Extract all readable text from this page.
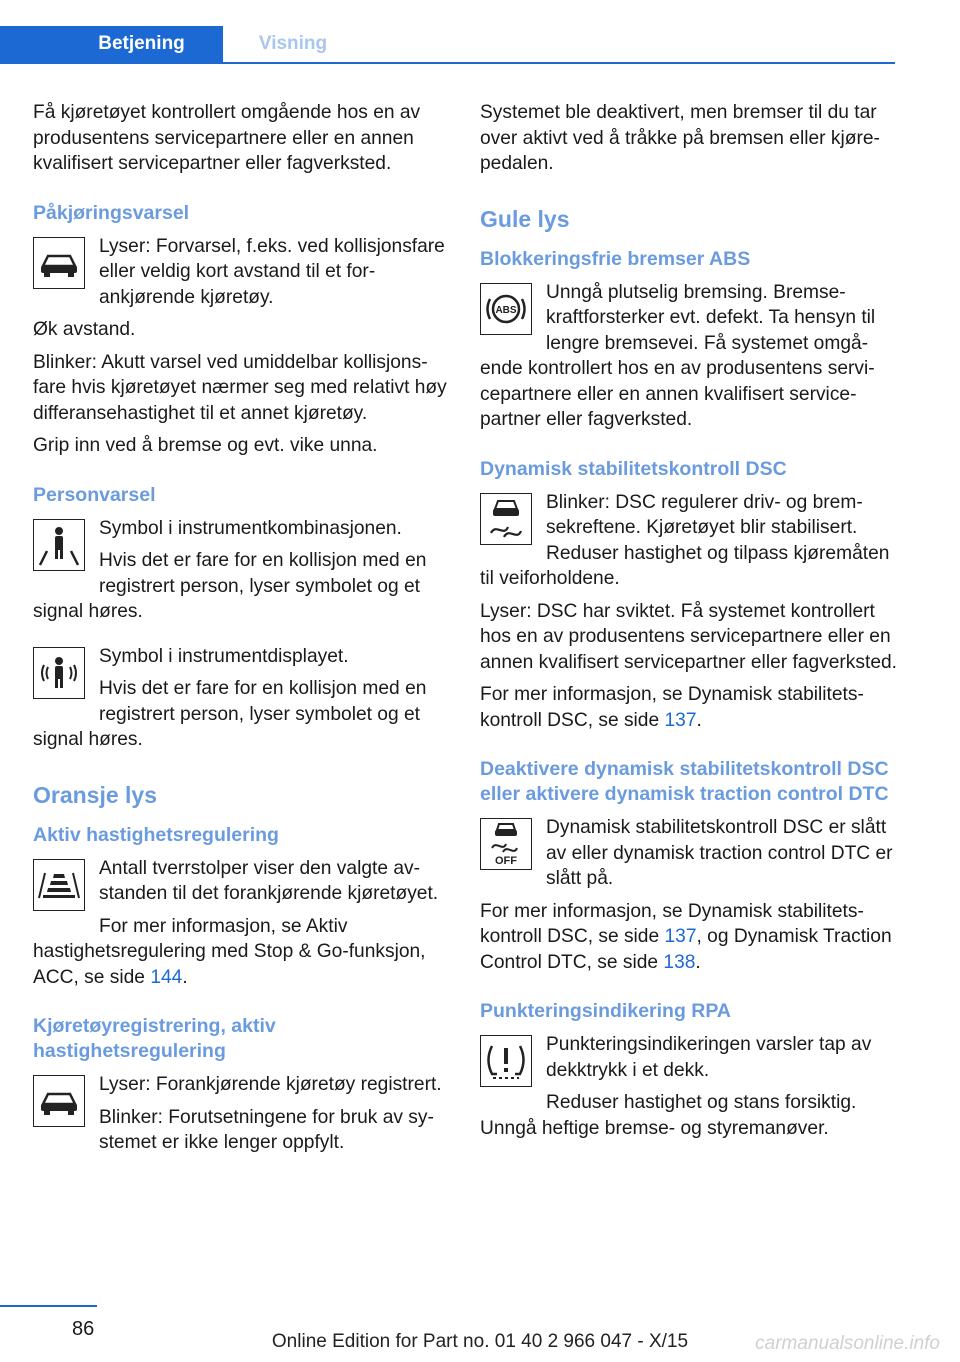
Betjening	Visning

Få kjøretøyet kontrollert omgående hos en av produsentens servicepartnere eller en annen kvalifisert servicepartner eller fagverksted.

Påkjøringsvarsel

Lyser: Forvarsel, f.eks. ved kollisjonsfare eller veldig kort avstand til et forankjørende kjøretøy.

Øk avstand.

Blinker: Akutt varsel ved umiddelbar kollisjonsfare hvis kjøretøyet nærmer seg med relativt høy differansehastighet til et annet kjøretøy.

Grip inn ved å bremse og evt. vike unna.

Personvarsel

Symbol i instrumentkombinasjonen.

Hvis det er fare for en kollisjon med en registrert person, lyser symbolet og et signal høres.

Symbol i instrumentdisplayet.

Hvis det er fare for en kollisjon med en registrert person, lyser symbolet og et signal høres.

Oransje lys
Aktiv hastighetsregulering

Antall tverrstolper viser den valgte avstanden til det forankjørende kjøretøyet.

For mer informasjon, se Aktiv hastighetsregulering med Stop & Go-funksjon, ACC, se side 144.

Kjøretøyregistrering, aktiv hastighetsregulering

Lyser: Forankjørende kjøretøy registrert.

Blinker: Forutsetningene for bruk av systemet er ikke lenger oppfylt.

Systemet ble deaktivert, men bremser til du tar over aktivt ved å tråkke på bremsen eller kjørepedalen.

Gule lys
Blokkeringsfrie bremser ABS
ABS

Unngå plutselig bremsing. Bremsekraftforsterker evt. defekt. Ta hensyn til lengre bremsevei. Få systemet omgående kontrollert hos en av produsentens servicepartnere eller en annen kvalifisert servicepartner eller fagverksted.

Dynamisk stabilitetskontroll DSC

Blinker: DSC regulerer driv- og bremsekreftene. Kjøretøyet blir stabilisert. Reduser hastighet og tilpass kjøremåten til veiforholdene.

Lyser: DSC har sviktet. Få systemet kontrollert hos en av produsentens servicepartnere eller en annen kvalifisert servicepartner eller fagverksted.

For mer informasjon, se Dynamisk stabilitetskontroll DSC, se side 137.

Deaktivere dynamisk stabilitetskontroll DSC eller aktivere dynamisk traction control DTC
OFF

Dynamisk stabilitetskontroll DSC er slått av eller dynamisk traction control DTC er slått på.

For mer informasjon, se Dynamisk stabilitetskontroll DSC, se side 137, og Dynamisk Traction Control DTC, se side 138.

Punkteringsindikering RPA

Punkteringsindikeringen varsler tap av dekktrykk i et dekk.

Reduser hastighet og stans forsiktig. Unngå heftige bremse- og styremanøver.

86
Online Edition for Part no. 01 40 2 966 047 - X/15	carmanualsonline.info
